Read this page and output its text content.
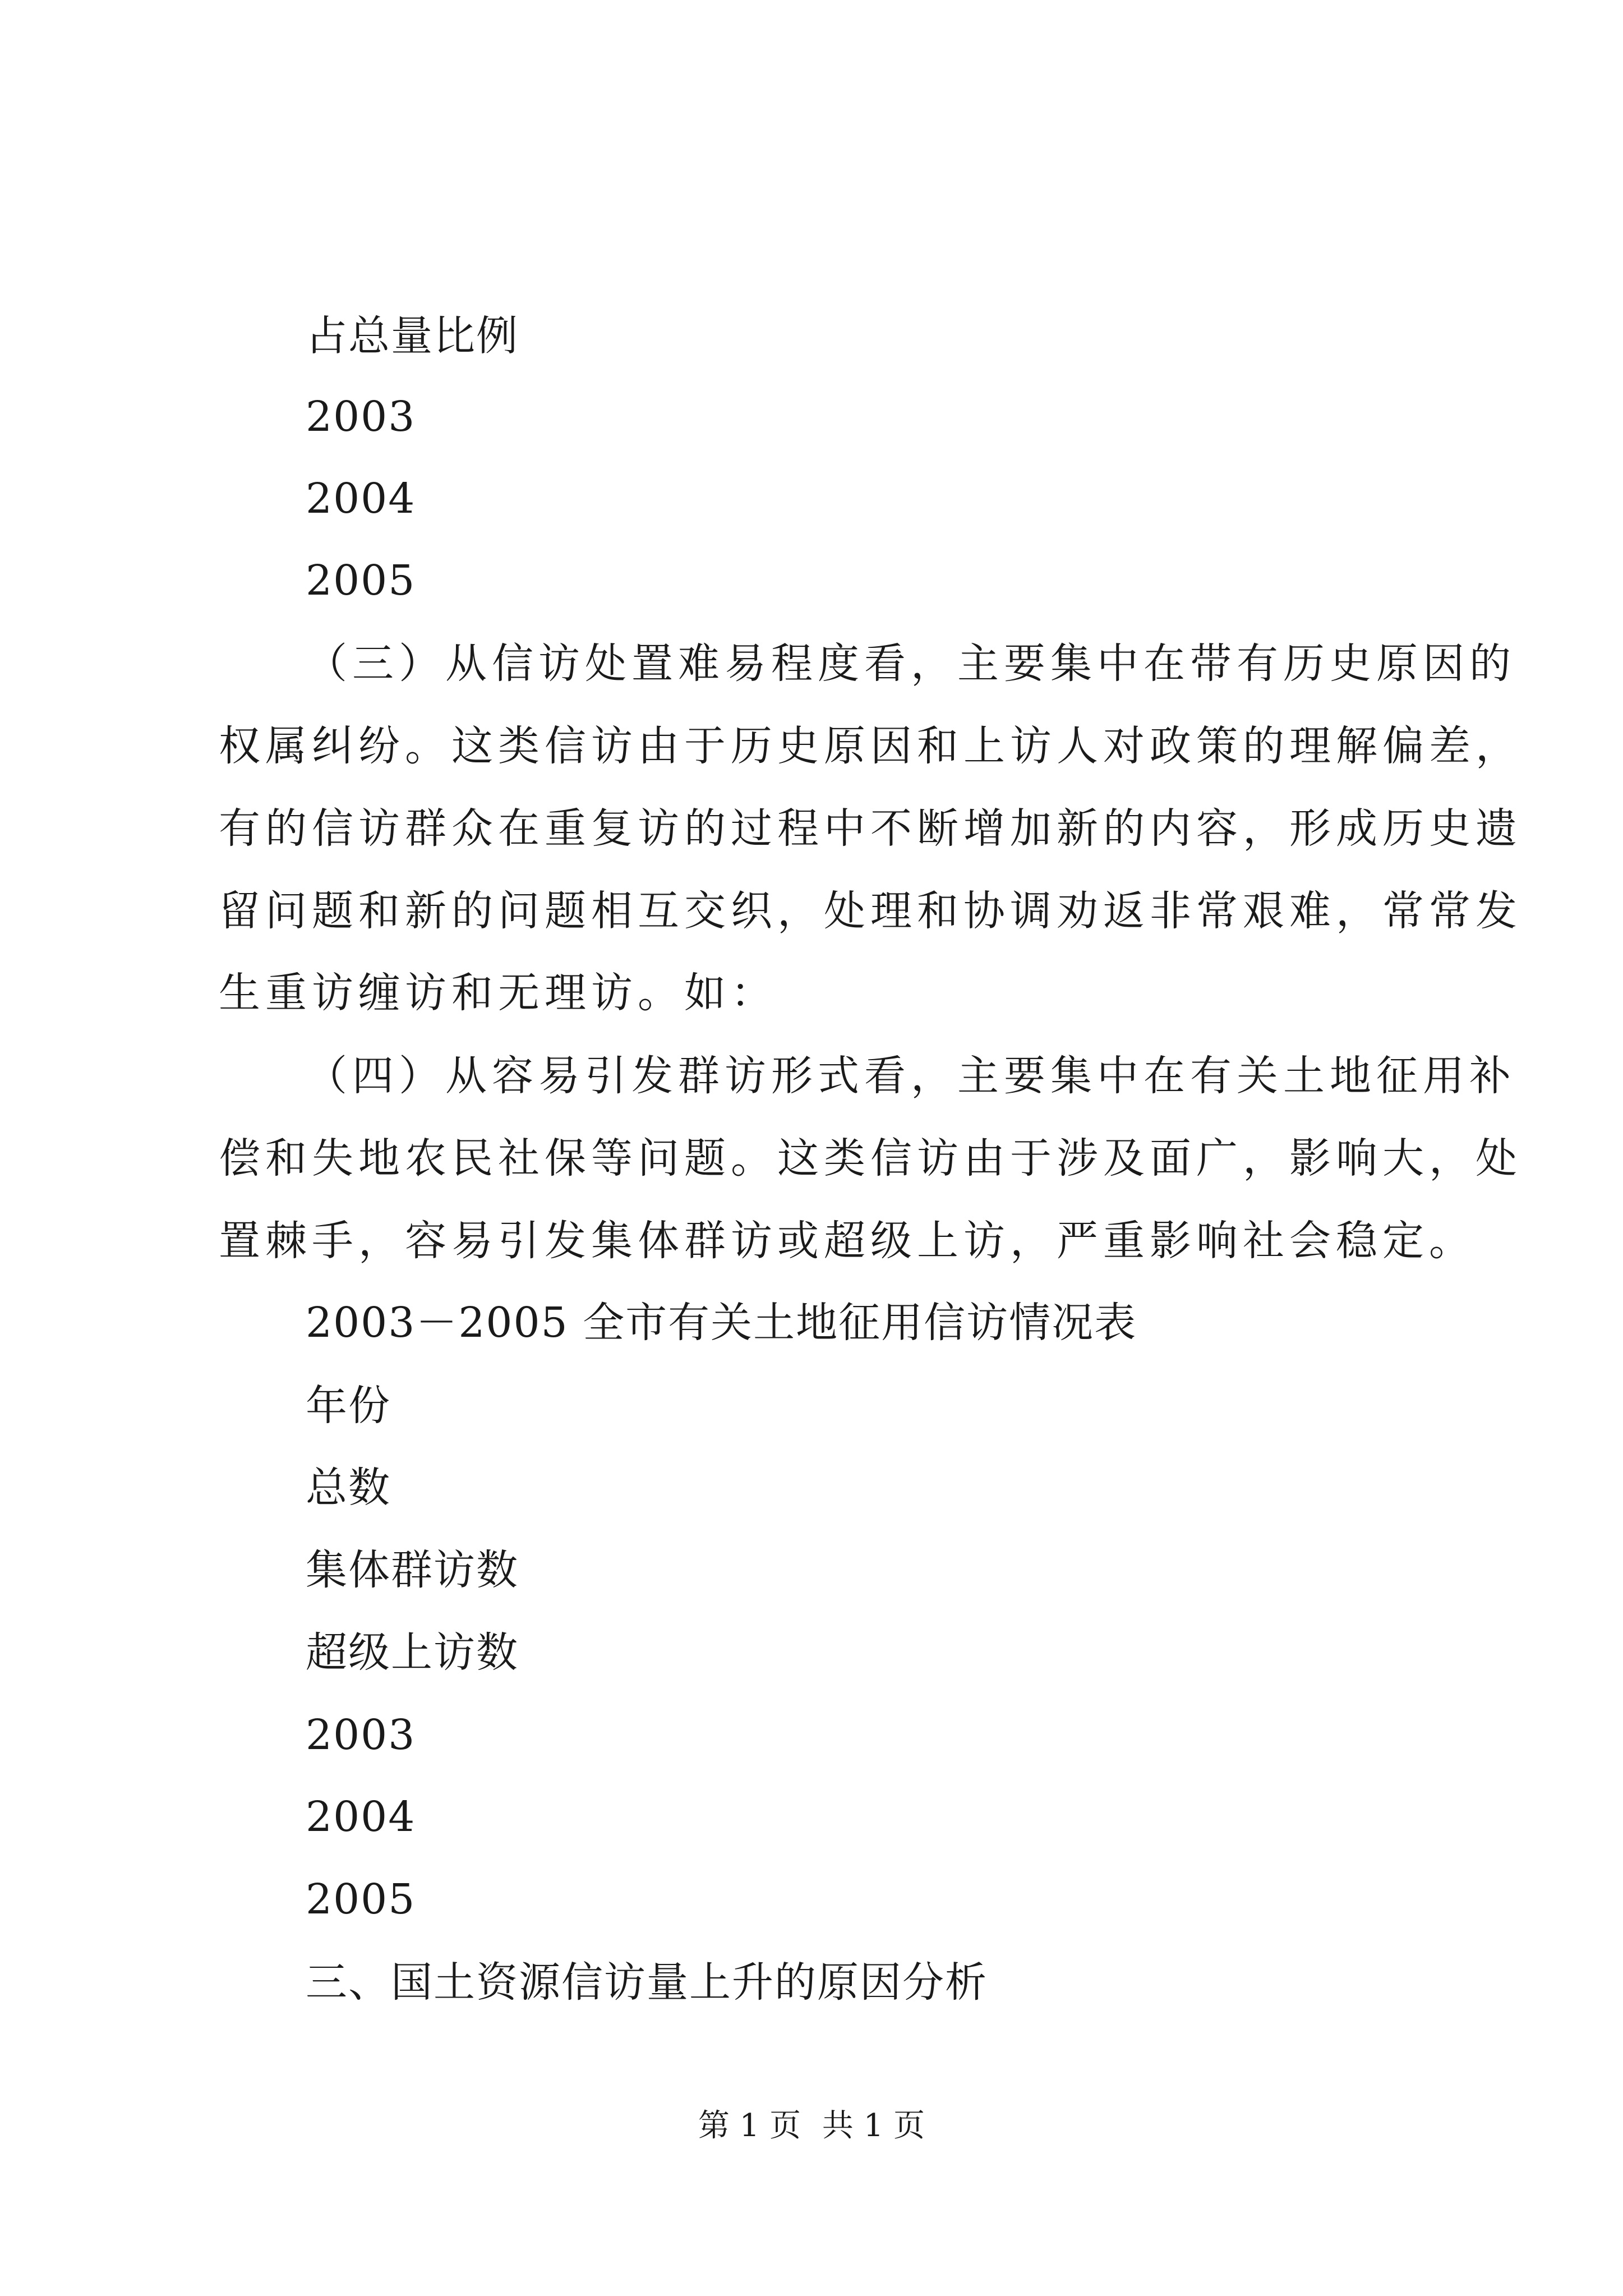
占总量比例
2003
2004
2005
（三）从信访处置难易程度看，主要集中在带有历史原因的
权属纠纷。这类信访由于历史原因和上访人对政策的理解偏差，
有的信访群众在重复访的过程中不断增加新的内容，形成历史遗
留问题和新的问题相互交织，处理和协调劝返非常艰难，常常发
生重访缠访和无理访。如：
（四）从容易引发群访形式看，主要集中在有关土地征用补
偿和失地农民社保等问题。这类信访由于涉及面广，影响大，处
置棘手，容易引发集体群访或超级上访，严重影响社会稳定。
2003－2005 全市有关土地征用信访情况表
年份
总数
集体群访数
超级上访数
2003
2004
2005
三、国土资源信访量上升的原因分析
第 1 页 共 1 页
